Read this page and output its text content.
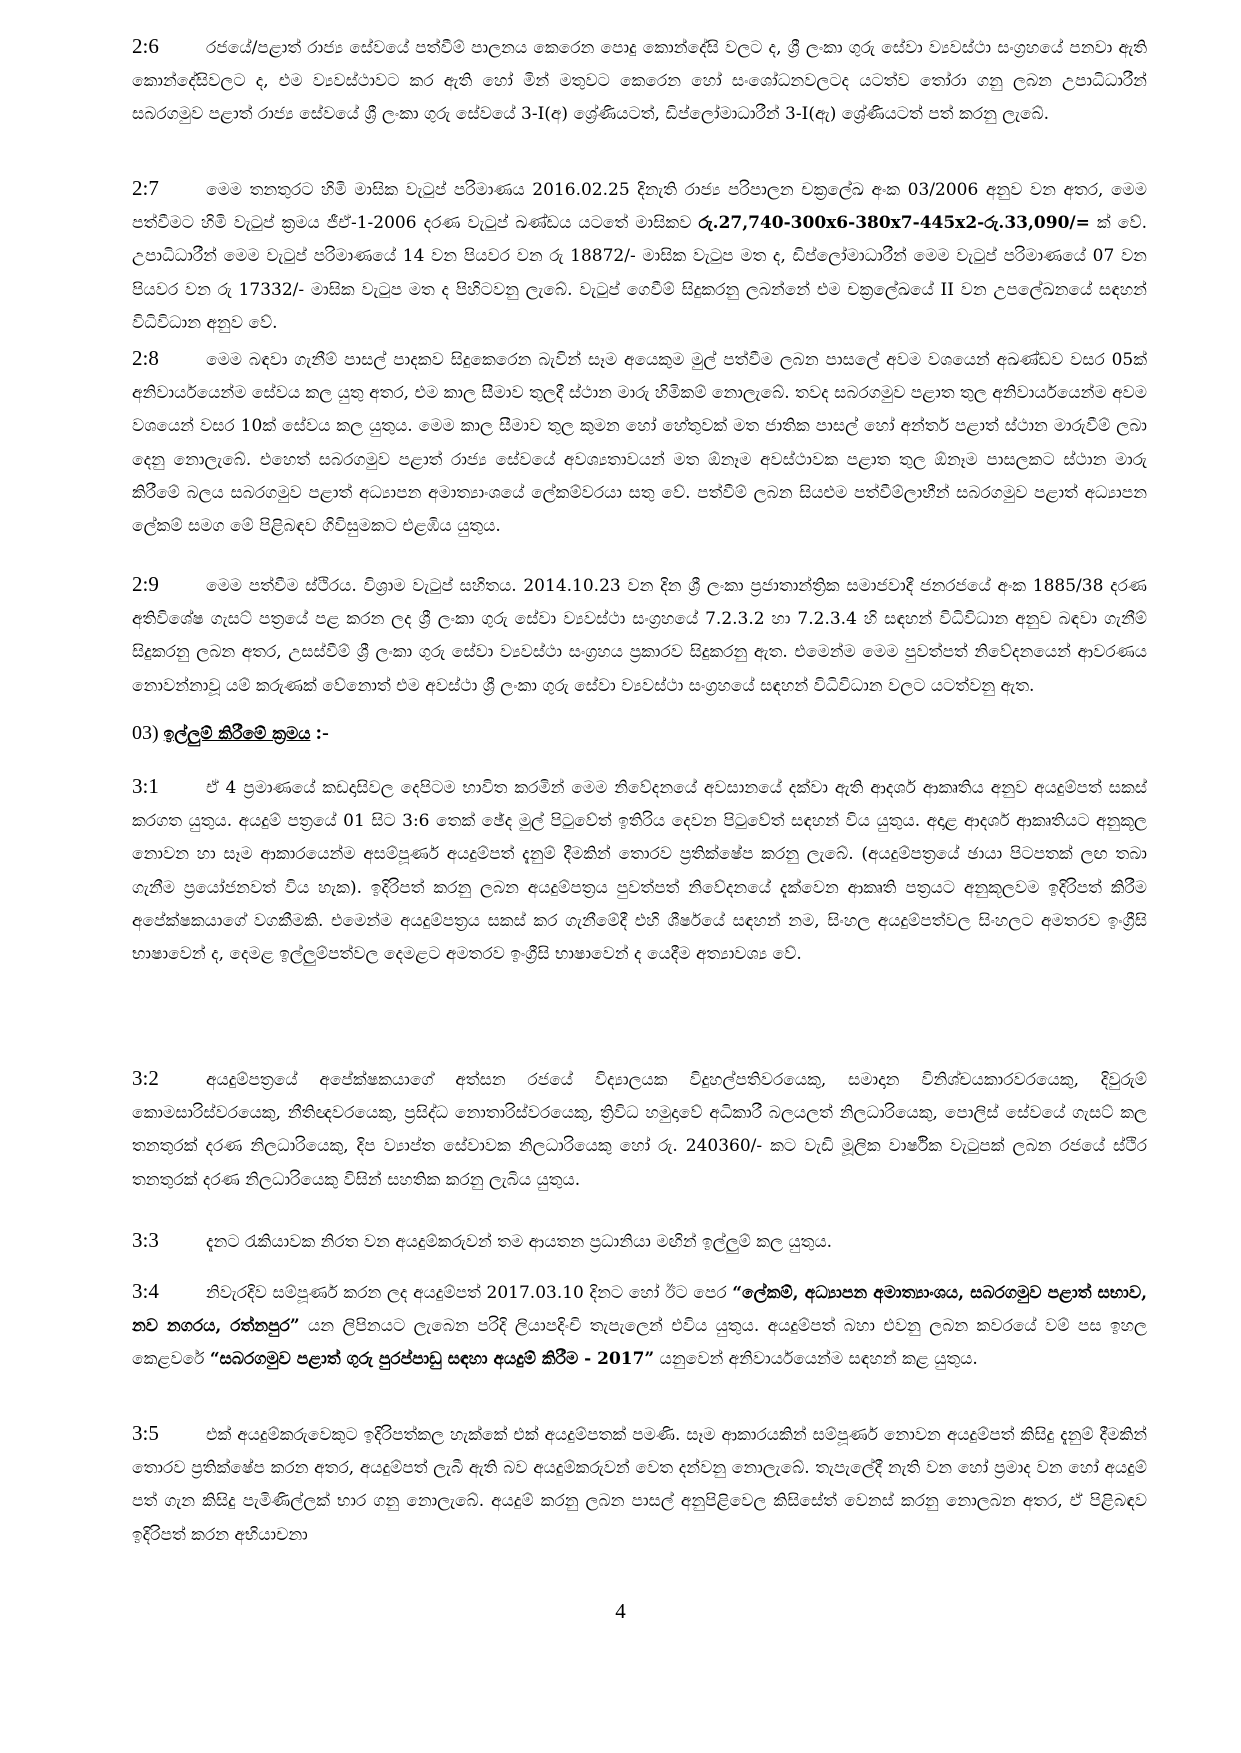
2:6	රජයේ/පළාත් රාජ්‍ය සේවයේ පත්වීම් පාලනය කෙරෙන පොදු කොන්දේසි වලට ද, ශ්‍රී ලංකා ගුරු සේවා ව්‍යවස්ථා සංග්‍රහයේ පනවා ඇති කොන්දේසිවලට ද, එම ව්‍යවස්ථාවට කර ඇති හෝ මින් මතුවට කෙරෙන හෝ සංශෝධනවලටද යටත්ව තෝරා ගනු ලබන උපාධිධාරීන් සබරගමුව පළාත් රාජ්‍ය සේවයේ ශ්‍රී ලංකා ගුරු සේවයේ 3-I(අ) ශ්‍රේණියටත්, ඩිප්ලෝමාධාරීන් 3-I(ඇ) ශ්‍රේණියටත් පත් කරනු ලැබේ.

2:7	මෙම තනතුරට හිමි මාසික වැටුප් පරිමාණය 2016.02.25 දිනැති රාජ්‍ය පරිපාලන චක්‍රලේඛ අංක 03/2006 අනුව වන අතර, මෙම පත්වීමට හිමි වැටුප් ක්‍රමය ජීඒ-1-2006 දරණ වැටුප් ඛණ්ඩය යටතේ මාසිකව රු.27,740-300x6-380x7-445x2-රු.33,090/= ක් වේ. උපාධිධාරීන් මෙම වැටුප් පරිමාණයේ 14 වන පියවර වන රු 18872/- මාසික වැටුප මත ද, ඩිප්ලෝමාධාරීන් මෙම වැටුප් පරිමාණයේ 07 වන පියවර වන රු 17332/- මාසික වැටුප මත ද පිහිටවනු ලැබේ. වැටුප් ගෙවීම් සිදුකරනු ලබන්නේ එම චක්‍රලේඛයේ II වන උපලේඛනයේ සඳහන් විධිවිධාන අනුව වේ.

2:8	මෙම බඳවා ගැනීම් පාසල් පාදකව සිදුකෙරෙන බැවින් සෑම අයෙකුම මුල් පත්වීම ලබන පාසලේ අවම වශයෙන් අඛණ්ඩව වසර 05ක් අනිවාර්යයෙන්ම සේවය කල යුතු අතර, එම කාල සීමාව තුලදී ස්ථාන මාරු හිමිකම් නොලැබේ. තවද සබරගමුව පළාත තුල අනිවාර්යයෙන්ම අවම වශයෙන් වසර 10ක් සේවය කල යුතුය. මෙම කාල සීමාව තුල කුමන හෝ හේතුවක් මත ජාතික පාසල් හෝ අන්තර් පළාත් ස්ථාන මාරුවීම් ලබා දෙනු නොලැබේ. එහෙත් සබරගමුව පළාත් රාජ්‍ය සේවයේ අවශ්‍යතාවයන් මත ඕනෑම අවස්ථාවක පළාත තුල ඕනෑම පාසලකට ස්ථාන මාරු කිරීමේ බලය සබරගමුව පළාත් අධ්‍යාපන අමාත්‍යාංශයේ ලේකම්වරයා සතු වේ. පත්වීම් ලබන සියළුම පත්වීම්ලාභීන් සබරගමුව පළාත් අධ්‍යාපන ලේකම් සමග මේ පිළිබඳව ගිවිසුමකට එළඹිය යුතුය.

2:9	මෙම පත්වීම ස්ථිරය. විශ්‍රාම වැටුප් සහිතය. 2014.10.23 වන දින ශ්‍රී ලංකා ප්‍රජාතාන්ත්‍රික සමාජවාදී ජනරජයේ අංක 1885/38 දරණ අතිවිශේෂ ගැසට් පත්‍රයේ පළ කරන ලද ශ්‍රී ලංකා ගුරු සේවා ව්‍යවස්ථා සංග්‍රහයේ 7.2.3.2 හා 7.2.3.4 හි සඳහන් විධිවිධාන අනුව බඳවා ගැනීම් සිදුකරනු ලබන අතර, උසස්වීම් ශ්‍රී ලංකා ගුරු සේවා ව්‍යවස්ථා සංග්‍රහය ප්‍රකාරව සිදුකරනු ඇත. එමෙන්ම මෙම පුවත්පත් නිවේදනයෙන් ආවරණය නොවන්නාවූ යම් කරුණක් වේනොත් එම අවස්ථා ශ්‍රී ලංකා ගුරු සේවා ව්‍යවස්ථා සංග්‍රහයේ සඳහන් විධිවිධාන වලට යටත්වනු ඇත.

03) ඉල්ලුම් කිරීමේ ක්‍රමය :-

3:1	ඒ 4 ප්‍රමාණයේ කඩදාසිවල දෙපිටම භාවිත කරමින් මෙම නිවේදනයේ අවසානයේ දක්වා ඇති ආදර්ශ ආකෘතිය අනුව අයදුම්පත් සකස් කරගත යුතුය. අයදුම් පත්‍රයේ 01 සිට 3:6 තෙක් ඡේද මුල් පිටුවේත් ඉතිරිය දෙවන පිටුවේත් සඳහන් විය යුතුය. අදාළ ආදර්ශ ආකෘතියට අනුකූල නොවන හා සෑම ආකාරයෙන්ම අසම්පූර්ණ අයදුම්පත් දැනුම් දීමකින් තොරව ප්‍රතික්ෂේප කරනු ලැබේ. (අයදුම්පත්‍රයේ ඡායා පිටපතක් ලඟ තබා ගැනීම ප්‍රයෝජනවත් විය හැක). ඉදිරිපත් කරනු ලබන අයදුම්පත්‍රය පුවත්පත් නිවේදනයේ දැක්වෙන ආකෘති පත්‍රයට අනුකූලවම ඉදිරිපත් කිරීම අපේක්ෂකයාගේ වගකීමකි. එමෙන්ම අයදුම්පත්‍රය සකස් කර ගැනීමේදී එහි ශීර්ෂයේ සඳහන් නම, සිංහල අයදුම්පත්වල සිංහලට අමතරව ඉංග්‍රීසි භාෂාවෙන් ද, දෙමළ ඉල්ලුම්පත්වල දෙමළට අමතරව ඉංග්‍රීසි භාෂාවෙන් ද යෙදීම අත්‍යාවශ්‍ය වේ.

3:2	අයදුම්පත්‍රයේ අපේක්ෂකයාගේ අත්සන රජයේ විද්‍යාලයක විදුහල්පතිවරයෙකු, සමාදාන විනිශ්චයකාරවරයෙකු, දිවුරුම් කොමසාරිස්වරයෙකු, නීතිඥවරයෙකු, ප්‍රසිද්ධ නොතාරිස්වරයෙකු, ත්‍රිවිධ හමුදාවේ අධිකාරී බලයලත් නිලධාරියෙකු, පොලිස් සේවයේ ගැසට් කල තනතුරක් දරණ නිලධාරියෙකු, දිප ව්‍යාප්ත සේවාවක නිලධාරියෙකු හෝ රු. 240360/- කට වැඩි මූලික වාර්ෂික වැටුපක් ලබන රජයේ ස්ථිර තනතුරක් දරණ නිලධාරියෙකු විසින් සහතික කරනු ලැබිය යුතුය.

3:3	දැනට රැකියාවක නිරත වන අයදුම්කරුවන් තම ආයතන ප්‍රධානියා මඟින් ඉල්ලුම් කල යුතුය.

3:4	නිවැරදිව සම්පූර්ණ කරන ලද අයදුම්පත් 2017.03.10 දිනට හෝ ඊට පෙර “ලේකම්, අධ්‍යාපන අමාත්‍යාංශය, සබරගමුව පළාත් සභාව, නව නගරය, රත්නපුර” යන ලිපිනයට ලැබෙන පරිදි ලියාපදිංචි තැපැලෙන් එවිය යුතුය. අයදුම්පත් බහා එවනු ලබන කවරයේ වම් පස ඉහල කෙළවරේ “සබරගමුව පළාත් ගුරු පුරප්පාඩු සඳහා අයදුම් කිරීම - 2017” යනුවෙන් අනිවාර්යයෙන්ම සඳහන් කළ යුතුය.

3:5	එක් අයදුම්කරුවෙකුට ඉදිරිපත්කල හැක්කේ එක් අයදුම්පතක් පමණි. සෑම ආකාරයකින් සම්පූර්ණ නොවන අයදුම්පත් කිසිදු දැනුම් දීමකින් තොරව ප්‍රතික්ෂේප කරන අතර, අයදුම්පත් ලැබී ඇති බව අයදුම්කරුවන් වෙත දන්වනු නොලැබේ. තැපැලේදී නැති වන හෝ ප්‍රමාද වන හෝ අයදුම් පත් ගැන කිසිදු පැමිණිල්ලක් භාර ගනු නොලැබේ. අයදුම් කරනු ලබන පාසල් අනුපිළිවෙල කිසිසේත් වෙනස් කරනු නොලබන අතර, ඒ පිළිබඳව ඉදිරිපත් කරන අභියාචනා

4
